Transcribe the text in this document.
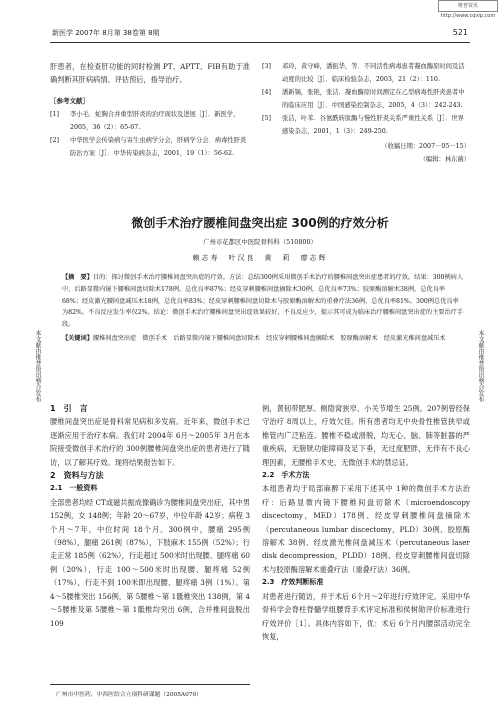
维普资讯 http://www.cqvip.com
新医学 2007年 8月第 38卷第 8期	521

肝患者，在检查肝功能的同时检测 PT、APTT、FIB有助于准确判断其肝病病情、评估预后，指导治疗。

［参考文献］
[1]	李小毛．蛇胸合并重型肝炎的治疗现状及进展［J］．新医学，2005，36（2）：65-67.
[2]	中华医学会传染病与寄生虫病学分会，肝病学分会．病毒性肝炎防治方案［J］．中华传染病杂志，2001，19（1）：56-62.
[3]	邓玲，黄守峰，潘振华，等．不同活性病毒患者凝血酶原时间及活动度的比较［J］．临床检验杂志，2003，21（2）：110.
[4]	潘新锡，张艳，张洁．凝血酶原时间测定在乙型病毒性肝炎患者中的临床应用［J］．中国感染控制杂志，2005，4（3）：242-243.
[5]	张洁，叶苯．谷氨酰转肽酶与慢性肝炎关系严重性关系［J］．世界感染杂志，2001，1（3）：249-250.
（收稿日期：2007－05－15）
（编辑：林东薇）
微创手术治疗腰椎间盘突出症 300例的疗效分析
广州市花都区中医院骨科科（510800）
赖志寿　叶汉良　黄　莉　廖志辉
本文献由维普资讯整合发布	本文献由维普资讯整合发布

【摘　要】目的：探讨微创手术治疗腰椎间盘突出症的疗效。方法：总结300例采用微创手术治疗的腰椎间盘突出症患者的疗效。结果：300例病人中，后路显微内镜下腰椎间盘切除术178例，总优良率87%；经皮穿刺腰椎间盘摘除术30例，总优良率73%；胶原酶溶解术38例，总优良率68%；经皮激光腰间盘减压术18例，总优良率83%；经皮穿刺腰椎间盘切除术与胶原酶溶解术的重叠疗法36例，总优良率81%。300例总优良率为82%，不良反应发生率仅2%。结论：微创手术治疗腰椎间盘突出症效果较好，不良反应少，提示其可成为临床治疗腰椎间盘突出症的主要治疗手段。

【关键词】腰椎间盘突出症　微创手术　后路显微内镜下腰椎间盘切除术　经皮穿刺腰椎间盘摘除术　胶原酶溶解术　经皮激光椎间盘减压术

1　引　言

腰椎间盘突出症是骨科常见病和多发病。近年来，微创手术已逐渐应用于治疗本病。我们对 2004年 6月～2005年 3月在本院接受微创手术治疗的 300例腰椎间盘突出症的患者进行了随访，以了解其疗效。现将结果报告如下。

2　资料与方法
2.1　一般资料

全部患者均经 CT或磁共振成像确诊为腰椎间盘突出症，其中男 152例，女 148例；年龄 20～67岁，中位年龄 42岁；病程 3个月～7年，中位时间 18个月。300例中，腰痛 295例（98%），腿痛 261例（87%），下肢麻木 155例（52%）；行走正常 185例（62%），行走超过 500米时出现腰、腿疼痛 60例（20%），行走 100～500米时出现腰、腿疼痛 52例（17%），行走不到 100米即出现腰、腿疼痛 3例（1%）。第 4～5腰椎突出 156例，第 5腰椎～第 1骶椎突出 138例，第 4～5腰椎及第 5腰椎～第 1骶椎均突出 6例，合并椎间盘脱出 109

例，黄韧带肥厚、侧隐窝狭窄、小关节增生 25例。207例曾经保守治疗 8周以上，疗效欠佳。所有患者均无中央骨性椎管狭窄或椎管内广泛粘连、腰椎不稳或滑脱，均无心、脑、肺等脏器的严重疾病，无膀胱功能障碍及足下垂，无过度肥胖，无伴有不良心理因素，无腰椎手术史，无微创手术的禁忌证。

2.2　手术方法

本组患者均于局部麻醉下采用下述其中 1种的微创手术方法治疗：后路显微内镜下腰椎间盘切除术（microendoscopy discectomy，MED）178例、经皮穿刺腰椎间盘摘除术（percutaneous lumbar discectomy，PLD）30例、胶原酶溶解术 38例、经皮激光椎间盘减压术（percutaneous laser disk decompression，PLDD）18例、经皮穿刺腰椎间盘切除术与胶原酶溶解术重叠疗法（重叠疗法）36例。

2.3　疗效判断标准

对患者进行随访，并于术后 6个月～2年进行疗效评定。采用中华骨科学会脊柱脊髓学组腰背手术评定标准和侯树勋评价标准进行疗效评价［1］。具体内容如下，优：术后 6个月内腰部活动完全恢复，

广州市中医药、中西医结合立项科研课题（2005A070）
